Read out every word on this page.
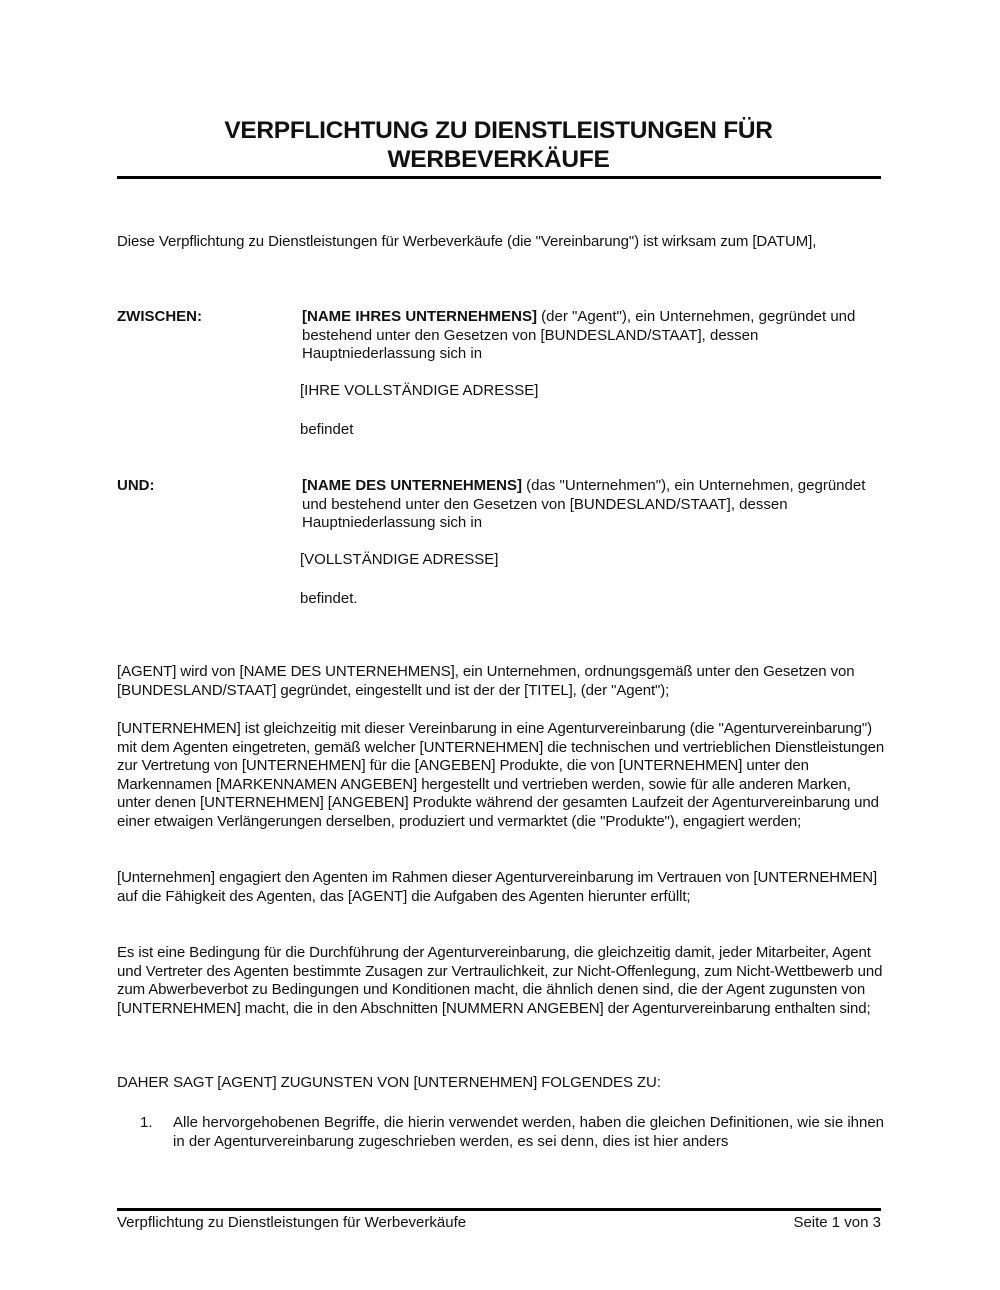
VERPFLICHTUNG ZU DIENSTLEISTUNGEN FÜR
WERBEVERKÄUFE
Diese Verpflichtung zu Dienstleistungen für Werbeverkäufe (die "Vereinbarung") ist wirksam zum [DATUM],
ZWISCHEN:	[NAME IHRES UNTERNEHMENS] (der "Agent"), ein Unternehmen, gegründet und bestehend unter den Gesetzen von [BUNDESLAND/STAAT], dessen Hauptniederlassung sich in
[IHRE VOLLSTÄNDIGE ADRESSE]
befindet
UND:	[NAME DES UNTERNEHMENS] (das "Unternehmen"), ein Unternehmen, gegründet und bestehend unter den Gesetzen von [BUNDESLAND/STAAT], dessen Hauptniederlassung sich in
[VOLLSTÄNDIGE ADRESSE]
befindet.
[AGENT] wird von [NAME DES UNTERNEHMENS], ein Unternehmen, ordnungsgemäß unter den Gesetzen von [BUNDESLAND/STAAT] gegründet, eingestellt und ist der der [TITEL], (der "Agent");
[UNTERNEHMEN] ist gleichzeitig mit dieser Vereinbarung in eine Agenturvereinbarung (die "Agenturvereinbarung") mit dem Agenten eingetreten, gemäß welcher [UNTERNEHMEN] die technischen und vertrieblichen Dienstleistungen zur Vertretung von [UNTERNEHMEN] für die [ANGEBEN] Produkte, die von [UNTERNEHMEN] unter den Markennamen [MARKENNAMEN ANGEBEN] hergestellt und vertrieben werden, sowie für alle anderen Marken, unter denen [UNTERNEHMEN] [ANGEBEN] Produkte während der gesamten Laufzeit der Agenturvereinbarung und einer etwaigen Verlängerungen derselben, produziert und vermarktet (die "Produkte"), engagiert werden;
[Unternehmen] engagiert den Agenten im Rahmen dieser Agenturvereinbarung im Vertrauen von [UNTERNEHMEN] auf die Fähigkeit des Agenten, das [AGENT] die Aufgaben des Agenten hierunter erfüllt;
Es ist eine Bedingung für die Durchführung der Agenturvereinbarung, die gleichzeitig damit, jeder Mitarbeiter, Agent und Vertreter des Agenten bestimmte Zusagen zur Vertraulichkeit, zur Nicht-Offenlegung, zum Nicht-Wettbewerb und zum Abwerbeverbot zu Bedingungen und Konditionen macht, die ähnlich denen sind, die der Agent zugunsten von [UNTERNEHMEN] macht, die in den Abschnitten [NUMMERN ANGEBEN] der Agenturvereinbarung enthalten sind;
DAHER SAGT [AGENT] ZUGUNSTEN VON [UNTERNEHMEN] FOLGENDES ZU:
1. Alle hervorgehobenen Begriffe, die hierin verwendet werden, haben die gleichen Definitionen, wie sie ihnen in der Agenturvereinbarung zugeschrieben werden, es sei denn, dies ist hier anders
Verpflichtung zu Dienstleistungen für Werbeverkäufe	Seite 1 von 3
